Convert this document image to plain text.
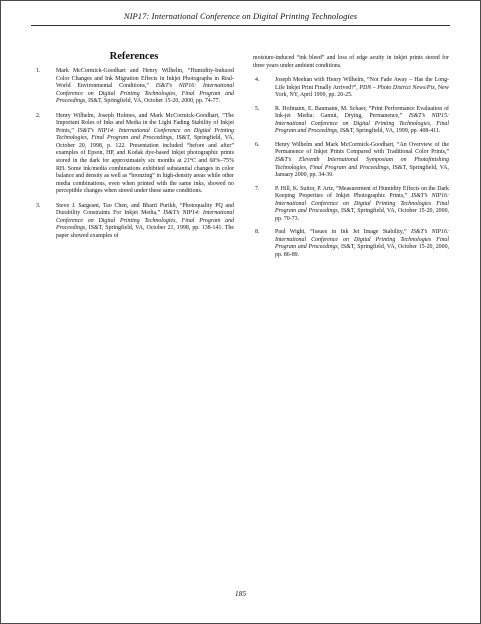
NIP17: International Conference on Digital Printing Technologies
References
1.	Mark McCormick-Goodhart and Henry Wilhelm, “Humidity-Induced Color Changes and Ink Migration Effects in Inkjet Photographs in Real-World Environmental Conditions,” IS&T’s NIP16: International Conference on Digital Printing Technologies, Final Program and Proceedings, IS&T, Springfield, VA, October 15-20, 2000, pp. 74-77.
2.	Henry Wilhelm, Joseph Holmes, and Mark McCormick-Goodhart, “The Important Roles of Inks and Media in the Light Fading Stability of Inkjet Prints,” IS&T’s NIP14: International Conference on Digital Printing Technologies, Final Program and Proceedings, IS&T, Springfield, VA, October 20, 1998, p. 122. Presentation included “before and after” examples of Epson, HP, and Kodak dye-based inkjet photographic prints stored in the dark for approximately six months at 21°C and 60%–75% RH. Some ink/media combinations exhibited substantial changes in color balance and density as well as “bronzing” in high-density areas while other media combinations, even when printed with the same inks, showed no perceptible changes when stored under these same conditions.
3.	Steve J. Sargeant, Tao Chen, and Bharti Purikh, “Photoquality PQ and Durability Constraints For Inkjet Media,” IS&T’s NIP14: International Conference on Digital Printing Technologies, Final Program and Proceedings, IS&T, Springfield, VA, October 21, 1998, pp. 138-141. The paper showed examples of
moisture-induced “ink bleed” and loss of edge acuity in inkjet prints stored for three years under ambient conditions.
4.	Joseph Meehan with Henry Wilhelm, “Not Fade Away – Has the Long-Life Inkjet Print Finally Arrived?”, PDN – Photo District News/Pix, New York, NY, April 1999, pp. 20-25.
5.	R. Hofmann, E. Baumann, M. Schaer, “Print Performance Evaluation of Ink-jet Media: Gamut, Drying, Permanence,” IS&T’s NIP15: International Conference on Digital Printing Technologies, Final Program and Proceedings, IS&T, Springfield, VA, 1999, pp. 408-411.
6.	Henry Wilhelm and Mark McCormick-Goodhart, “An Overview of the Permanence of Inkjet Prints Compared with Traditional Color Prints,” IS&T’s Eleventh International Symposium on Photofinishing Technologies, Final Program and Proceedings, IS&T, Springfield, VA, January 2000, pp. 34-39.
7.	P. Hill, K. Suitor, P. Artz, “Measurement of Humidity Effects on the Dark Keeping Properties of Inkjet Photographic Prints,” IS&T’s NIP16: International Conference on Digital Printing Technologies Final Program and Proceedings, IS&T, Springfield, VA, October 15-20, 2000, pp. 70-73.
8.	Paul Wight, “Issues in Ink Jet Image Stability,” IS&T’s NIP16: International Conference on Digital Printing Technologies Final Program and Proceedings, IS&T, Springfield, VA, October 15-20, 2000, pp. 86-89.
185
